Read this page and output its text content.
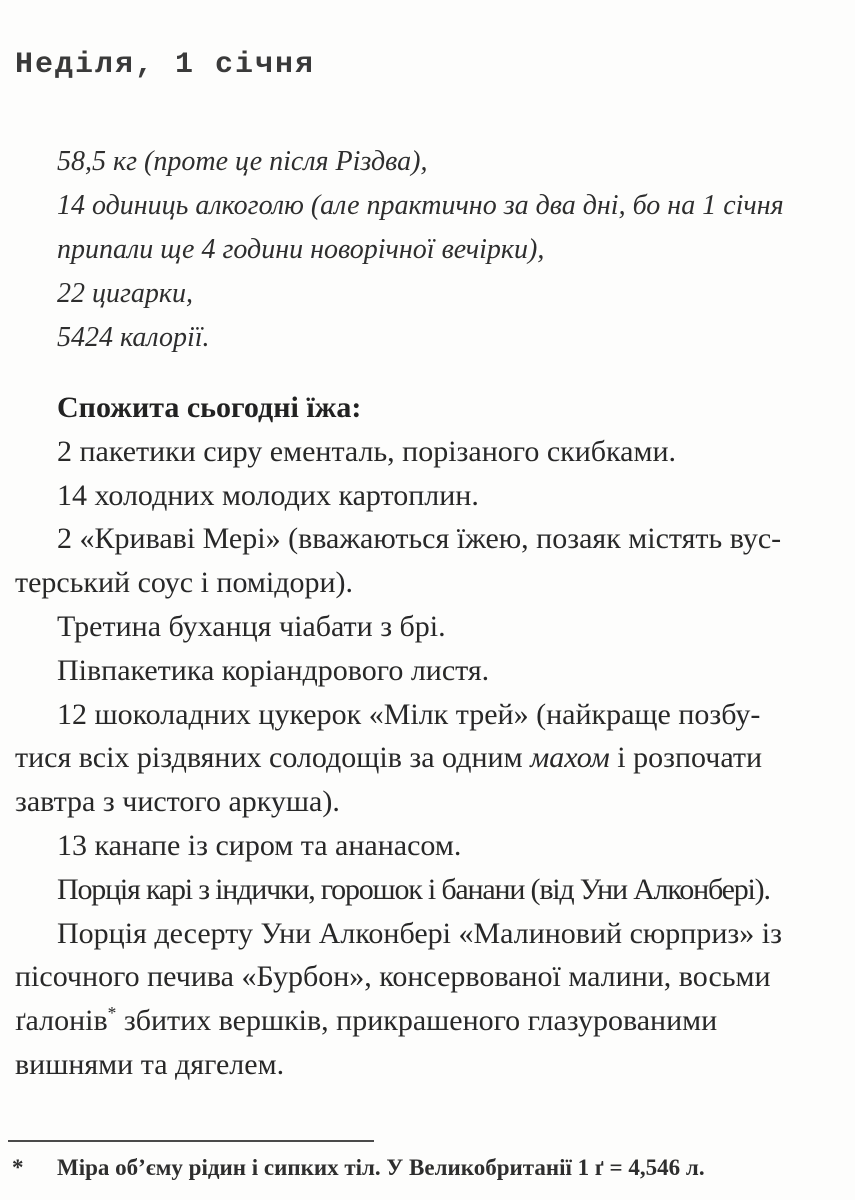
Неділя, 1 січня
58,5 кг (проте це після Різдва),
14 одиниць алкоголю (але практично за два дні, бо на 1 січня
припали ще 4 години новорічної вечірки),
22 цигарки,
5424 калорії.
Спожита сьогодні їжа:
2 пакетики сиру ементаль, порізаного скибками.
14 холодних молодих картоплин.
2 «Криваві Мері» (вважаються їжею, позаяк містять вус-
терський соус і помідори).
Третина буханця чіабати з брі.
Півпакетика коріандрового листя.
12 шоколадних цукерок «Мілк трей» (найкраще позбу-
тися всіх різдвяних солодощів за одним махом і розпочати
завтра з чистого аркуша).
13 канапе із сиром та ананасом.
Порція карі з індички, горошок і банани (від Уни Алконбері).
Порція десерту Уни Алконбері «Малиновий сюрприз» із
пісочного печива «Бурбон», консервованої малини, восьми
ґалонів* збитих вершків, прикрашеного глазурованими
вишнями та дягелем.
*	Міра об’єму рідин і сипких тіл. У Великобританії 1 ґ = 4,546 л.
